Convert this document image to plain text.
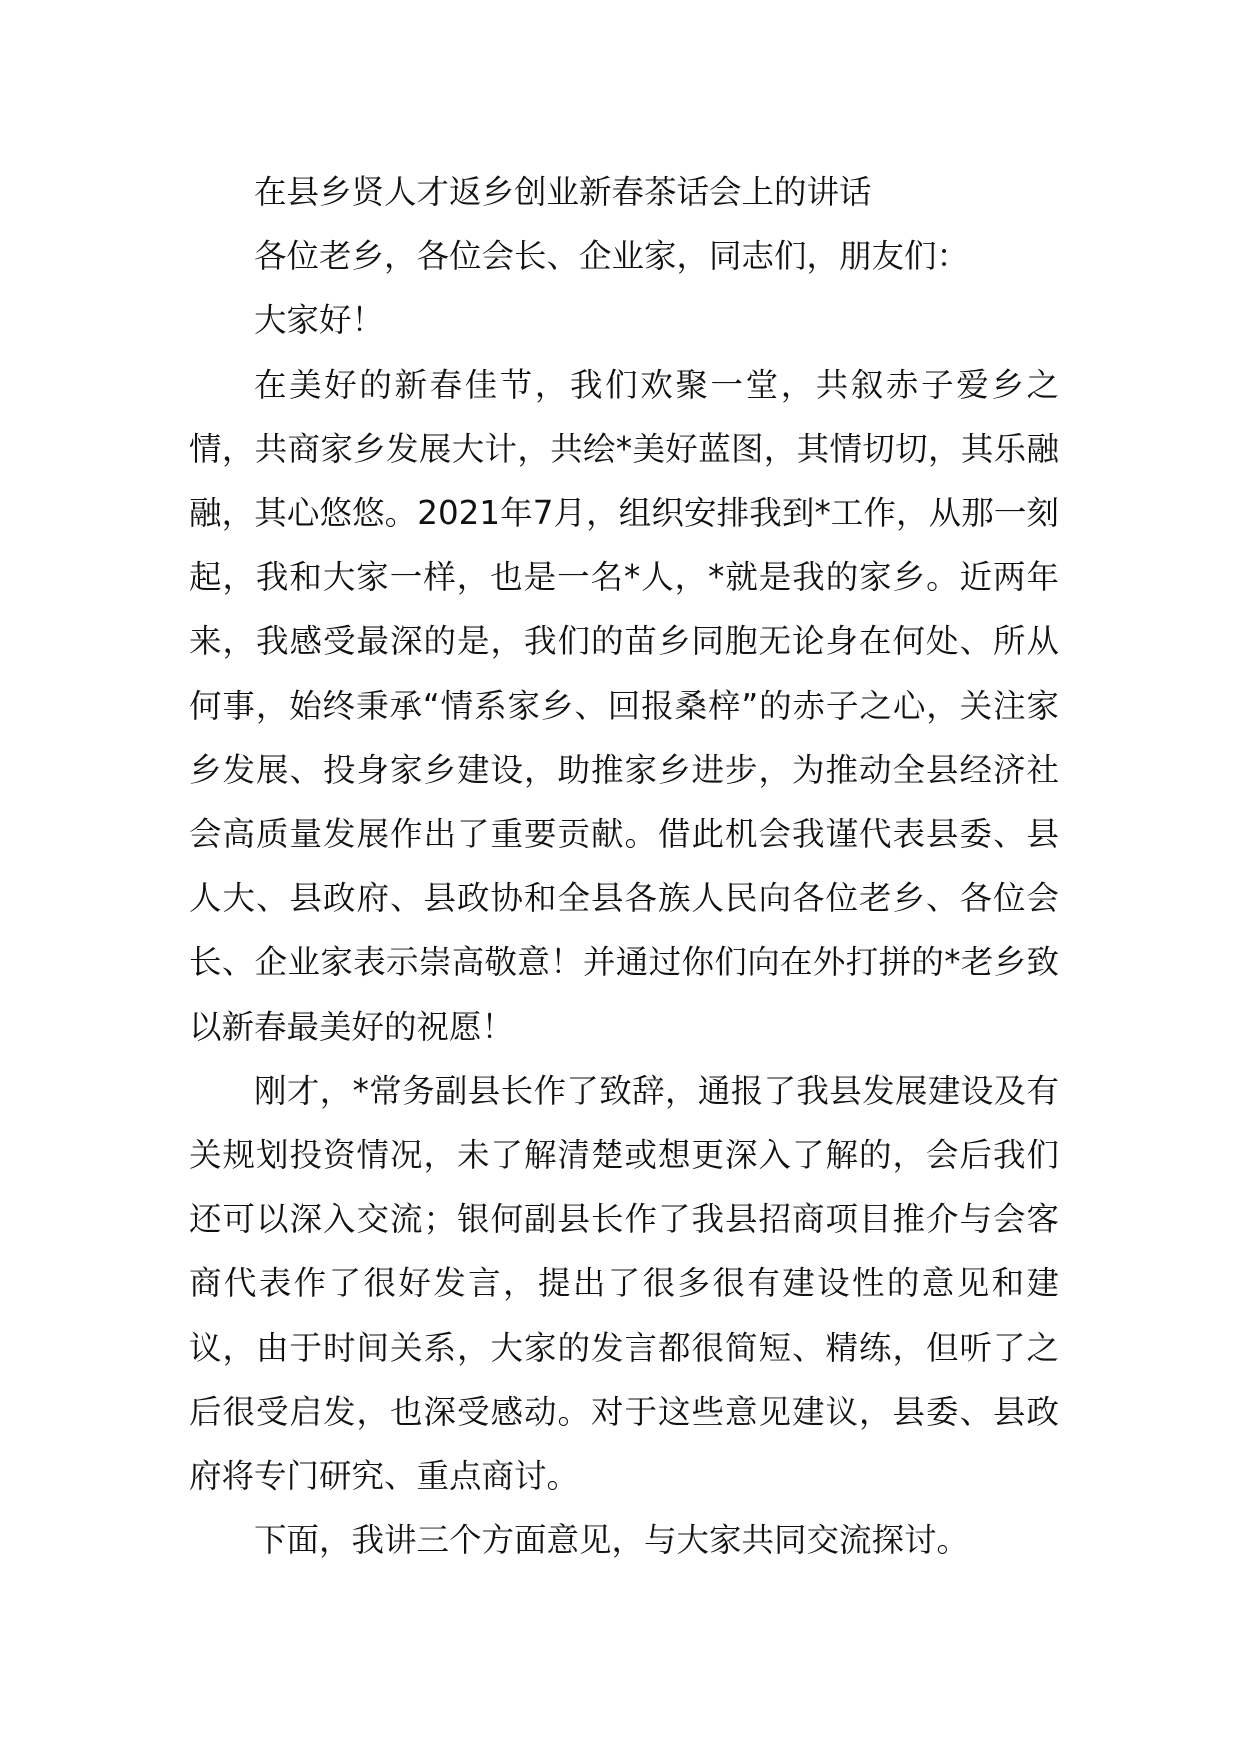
在县乡贤人才返乡创业新春茶话会上的讲话

各位老乡，各位会长、企业家，同志们，朋友们：

大家好！

在美好的新春佳节，我们欢聚一堂，共叙赤子爱乡之情，共商家乡发展大计，共绘*美好蓝图，其情切切，其乐融融，其心悠悠。2021年7月，组织安排我到*工作，从那一刻起，我和大家一样，也是一名*人，*就是我的家乡。近两年来，我感受最深的是，我们的苗乡同胞无论身在何处、所从何事，始终秉承“情系家乡、回报桑梓”的赤子之心，关注家乡发展、投身家乡建设，助推家乡进步，为推动全县经济社会高质量发展作出了重要贡献。借此机会我谨代表县委、县人大、县政府、县政协和全县各族人民向各位老乡、各位会长、企业家表示崇高敬意！并通过你们向在外打拼的*老乡致以新春最美好的祝愿！

刚才，*常务副县长作了致辞，通报了我县发展建设及有关规划投资情况，未了解清楚或想更深入了解的，会后我们还可以深入交流；银何副县长作了我县招商项目推介与会客商代表作了很好发言，提出了很多很有建设性的意见和建议，由于时间关系，大家的发言都很简短、精练，但听了之后很受启发，也深受感动。对于这些意见建议，县委、县政府将专门研究、重点商讨。

下面，我讲三个方面意见，与大家共同交流探讨。
